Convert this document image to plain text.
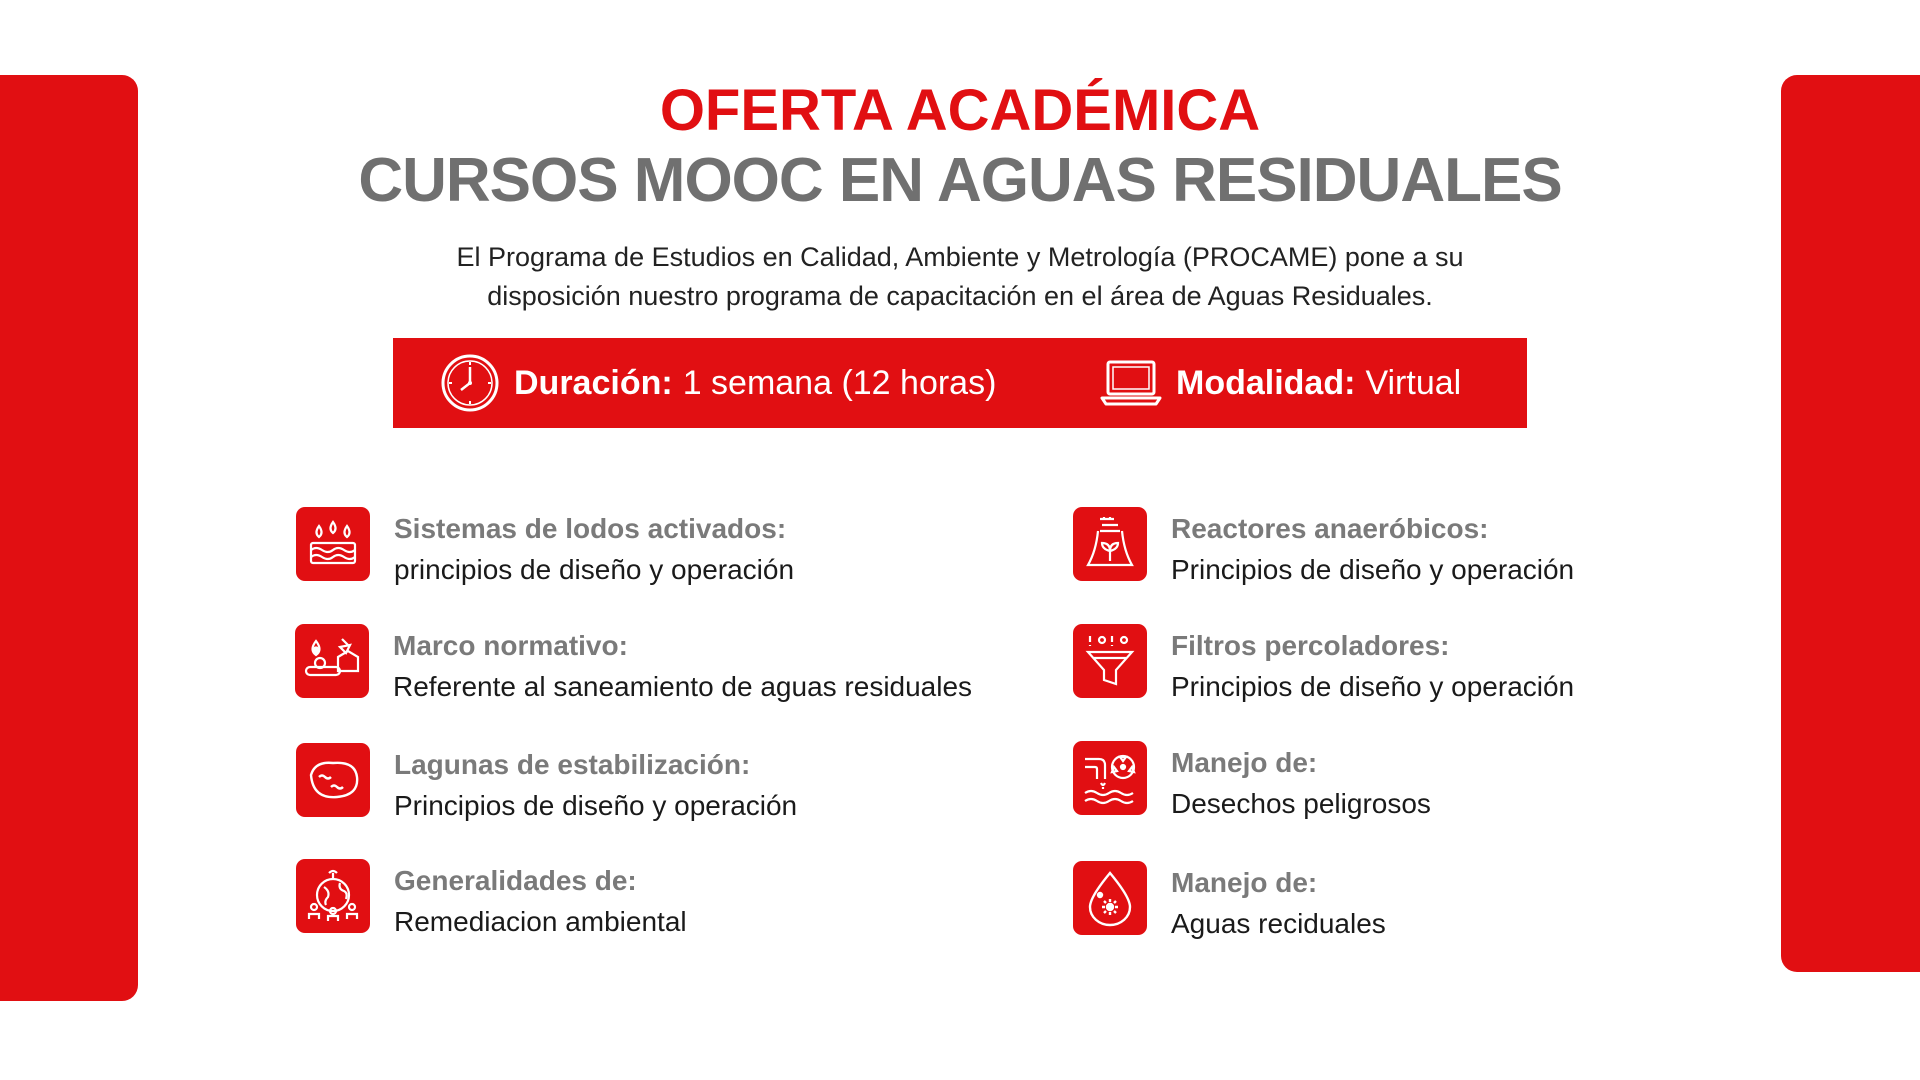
OFERTA ACADÉMICA
CURSOS MOOC EN AGUAS RESIDUALES
El Programa de Estudios en Calidad, Ambiente y Metrología (PROCAME) pone a su
disposición nuestro programa de capacitación en el área de Aguas Residuales.
Duración: 1 semana (12 horas)	Modalidad: Virtual
Sistemas de lodos activados:
principios de diseño y operación
Marco normativo:
Referente al saneamiento de aguas residuales
Lagunas de estabilización:
Principios de diseño y operación
Generalidades de:
Remediacion ambiental
Reactores anaeróbicos:
Principios de diseño y operación
Filtros percoladores:
Principios de diseño y operación
Manejo de:
Desechos peligrosos
Manejo de:
Aguas reciduales
